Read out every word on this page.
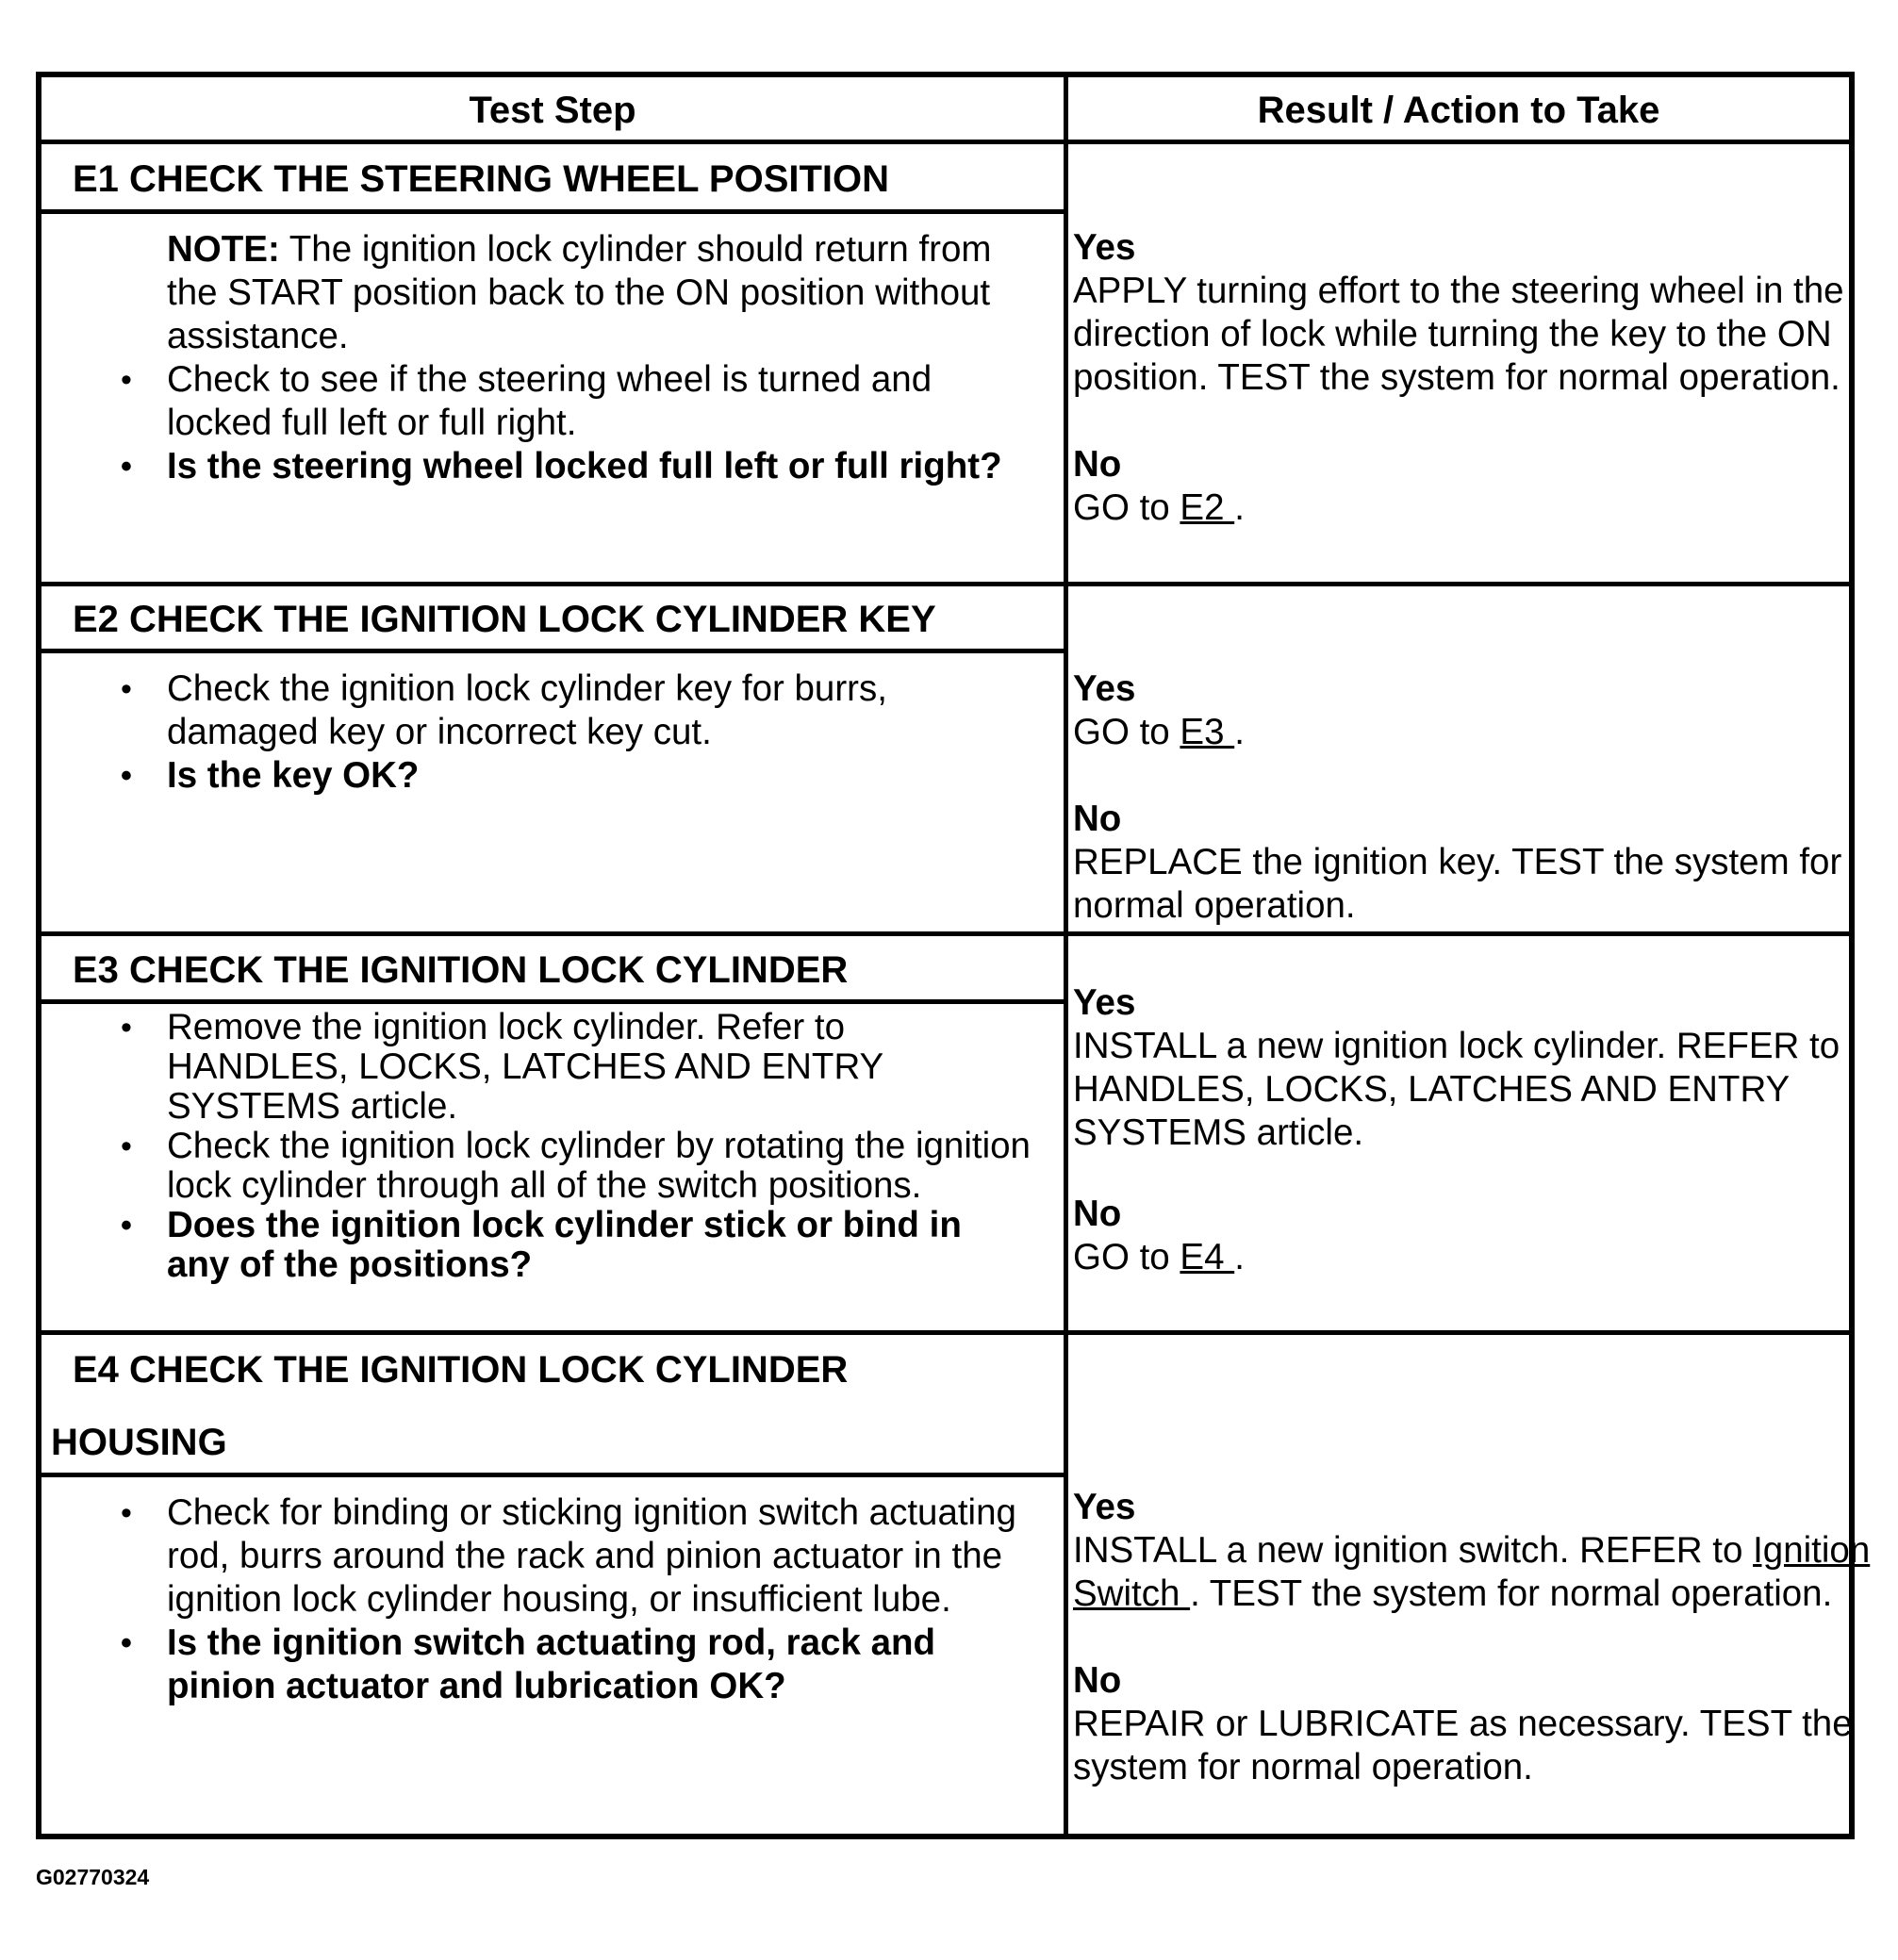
Test Step	Result / Action to Take
E1 CHECK THE STEERING WHEEL POSITION
NOTE: The ignition lock cylinder should return from the START position back to the ON position without assistance.
• Check to see if the steering wheel is turned and locked full left or full right.
• Is the steering wheel locked full left or full right?
Yes
APPLY turning effort to the steering wheel in the direction of lock while turning the key to the ON position. TEST the system for normal operation.
No
GO to E2 .
E2 CHECK THE IGNITION LOCK CYLINDER KEY
• Check the ignition lock cylinder key for burrs, damaged key or incorrect key cut.
• Is the key OK?
Yes
GO to E3 .
No
REPLACE the ignition key. TEST the system for normal operation.
E3 CHECK THE IGNITION LOCK CYLINDER
• Remove the ignition lock cylinder. Refer to HANDLES, LOCKS, LATCHES AND ENTRY SYSTEMS article.
• Check the ignition lock cylinder by rotating the ignition lock cylinder through all of the switch positions.
• Does the ignition lock cylinder stick or bind in any of the positions?
Yes
INSTALL a new ignition lock cylinder. REFER to HANDLES, LOCKS, LATCHES AND ENTRY SYSTEMS article.
No
GO to E4 .
E4 CHECK THE IGNITION LOCK CYLINDER
HOUSING
• Check for binding or sticking ignition switch actuating rod, burrs around the rack and pinion actuator in the ignition lock cylinder housing, or insufficient lube.
• Is the ignition switch actuating rod, rack and pinion actuator and lubrication OK?
Yes
INSTALL a new ignition switch. REFER to Ignition Switch . TEST the system for normal operation.
No
REPAIR or LUBRICATE as necessary. TEST the system for normal operation.
G02770324
